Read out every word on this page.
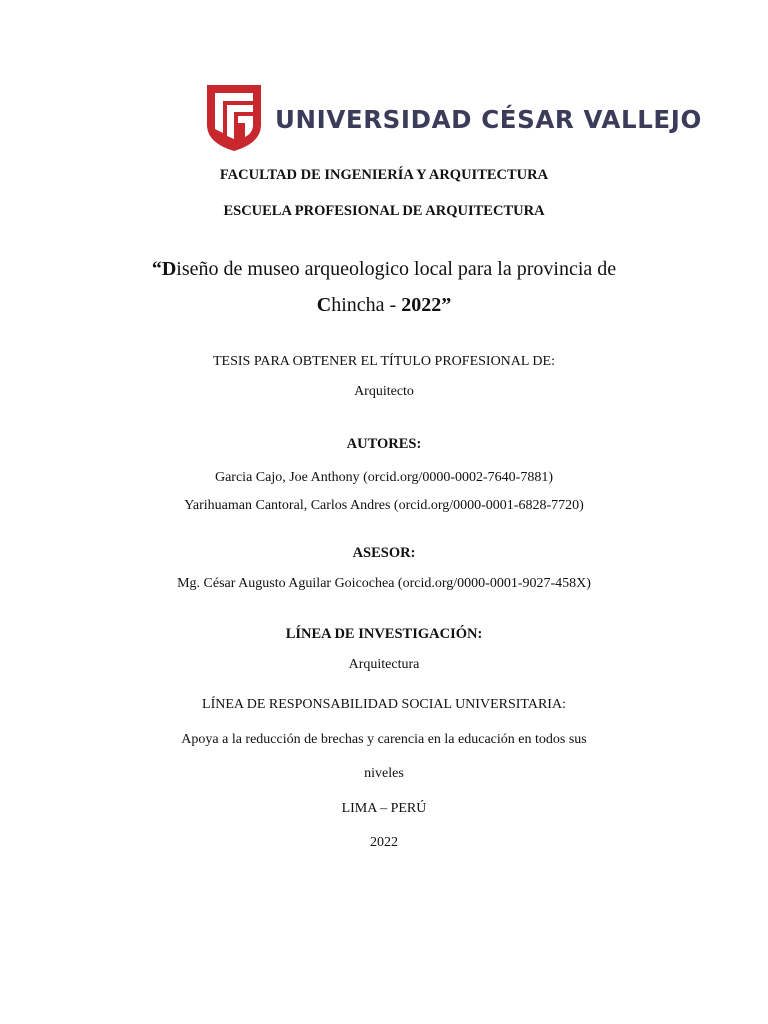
UNIVERSIDAD CÉSAR VALLEJO
FACULTAD DE INGENIERÍA Y ARQUITECTURA
ESCUELA PROFESIONAL DE ARQUITECTURA
“Diseño de museo arqueologico local para la provincia de
Chincha - 2022”
TESIS PARA OBTENER EL TÍTULO PROFESIONAL DE:
Arquitecto
AUTORES:
Garcia Cajo, Joe Anthony (orcid.org/0000-0002-7640-7881)
Yarihuaman Cantoral, Carlos Andres (orcid.org/0000-0001-6828-7720)
ASESOR:
Mg. César Augusto Aguilar Goicochea (orcid.org/0000-0001-9027-458X)
LÍNEA DE INVESTIGACIÓN:
Arquitectura
LÍNEA DE RESPONSABILIDAD SOCIAL UNIVERSITARIA:
Apoya a la reducción de brechas y carencia en la educación en todos sus
niveles
LIMA – PERÚ
2022
